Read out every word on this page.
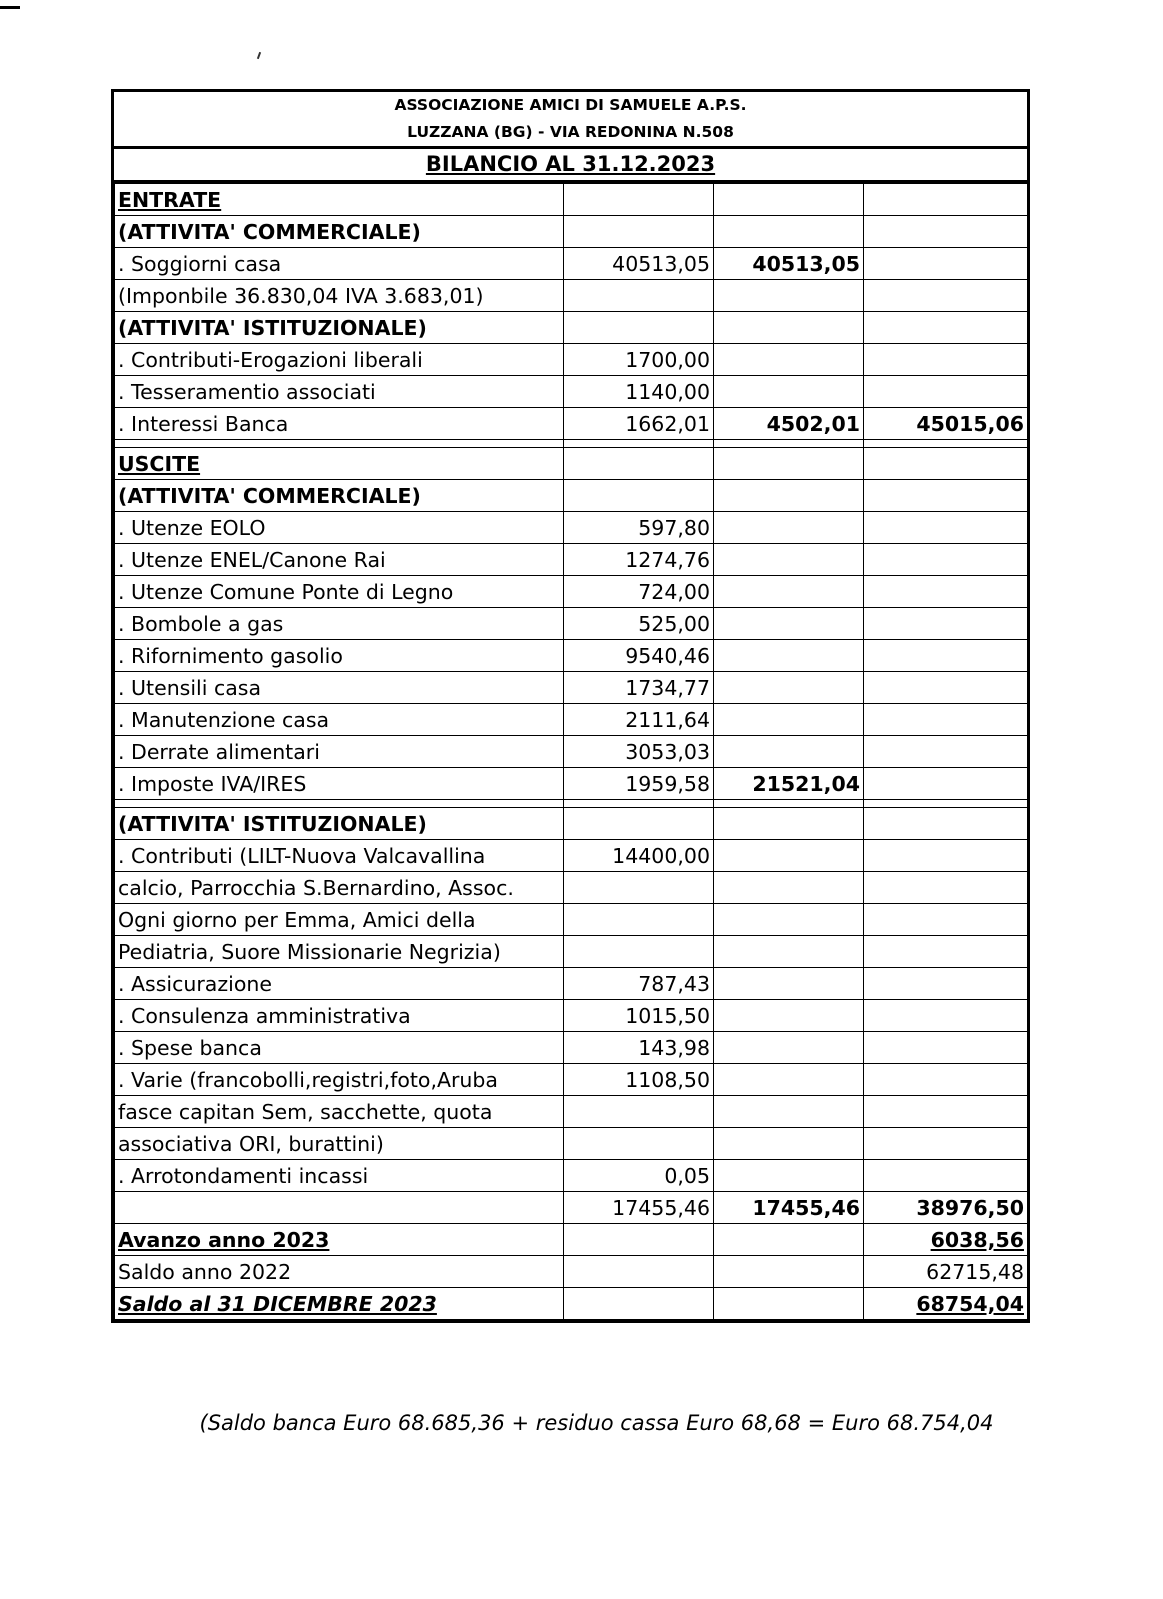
ASSOCIAZIONE AMICI DI SAMUELE A.P.S.
LUZZANA (BG) - VIA REDONINA N.508
BILANCIO AL 31.12.2023
ENTRATE			
(ATTIVITA' COMMERCIALE)			
. Soggiorni casa	40513,05	40513,05	
(Imponbile 36.830,04 IVA 3.683,01)			
(ATTIVITA' ISTITUZIONALE)			
. Contributi-Erogazioni liberali	1700,00		
. Tesseramentio associati	1140,00		
. Interessi Banca	1662,01	4502,01	45015,06

USCITE			
(ATTIVITA' COMMERCIALE)			
. Utenze EOLO	597,80		
. Utenze ENEL/Canone Rai	1274,76		
. Utenze Comune Ponte di Legno	724,00		
. Bombole a gas	525,00		
. Rifornimento gasolio	9540,46		
. Utensili casa	1734,77		
. Manutenzione casa	2111,64		
. Derrate alimentari	3053,03		
. Imposte IVA/IRES	1959,58	21521,04	

(ATTIVITA' ISTITUZIONALE)			
. Contributi (LILT-Nuova Valcavallina	14400,00		
calcio, Parrocchia S.Bernardino, Assoc.			
Ogni giorno per Emma, Amici della			
Pediatria, Suore Missionarie Negrizia)			
. Assicurazione	787,43		
. Consulenza amministrativa	1015,50		
. Spese banca	143,98		
. Varie (francobolli,registri,foto,Aruba	1108,50		
fasce capitan Sem, sacchette, quota			
associativa ORI, burattini)			
. Arrotondamenti incassi	0,05		
	17455,46	17455,46	38976,50
Avanzo anno 2023			6038,56
Saldo anno 2022			62715,48
Saldo al 31 DICEMBRE 2023			68754,04
(Saldo banca Euro 68.685,36 + residuo cassa Euro 68,68 = Euro 68.754,04
